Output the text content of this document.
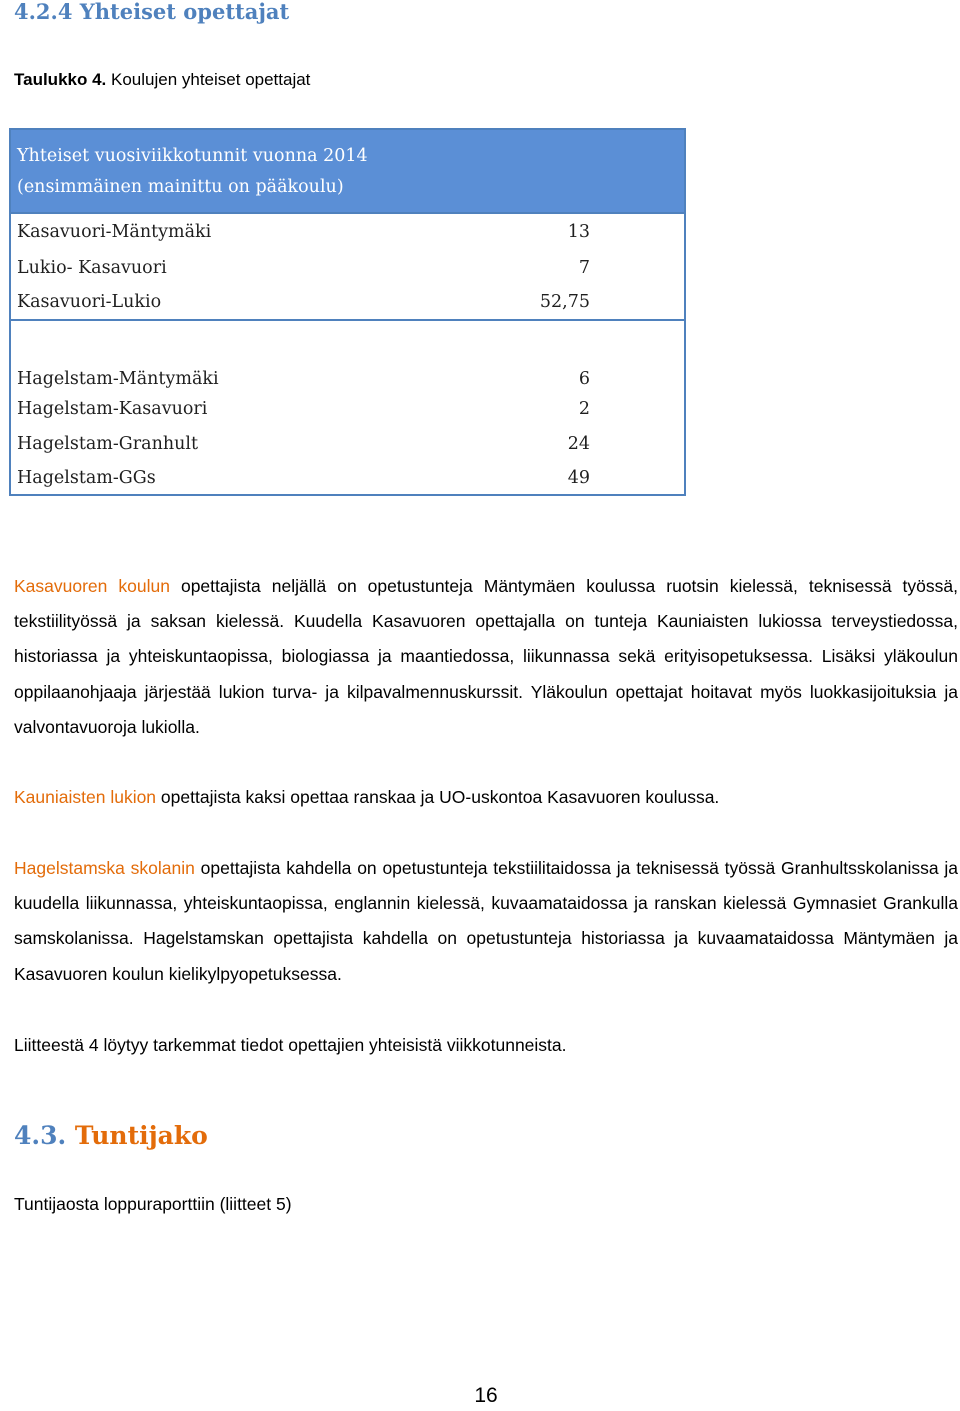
4.2.4 Yhteiset opettajat
Taulukko 4. Koulujen yhteiset opettajat
Yhteiset vuosiviikkotunnit vuonna 2014
(ensimmäinen mainittu on pääkoulu)	

Kasavuori-Mäntymäki	13
Lukio- Kasavuori	7
Kasavuori-Lukio	52,75
Hagelstam-Mäntymäki	6
Hagelstam-Kasavuori	2
Hagelstam-Granhult	24
Hagelstam-GGs	49

Kasavuoren koulun opettajista neljällä on opetustunteja Mäntymäen koulussa ruotsin kielessä, teknisessä työssä, tekstiilityössä ja saksan kielessä. Kuudella Kasavuoren opettajalla on tunteja Kauniaisten lukiossa terveystiedossa, historiassa ja yhteiskuntaopissa, biologiassa ja maantiedossa, liikunnassa sekä erityisopetuksessa. Lisäksi yläkoulun oppilaanohjaaja järjestää lukion turva- ja kilpavalmennuskurssit. Yläkoulun opettajat hoitavat myös luokkasijoituksia ja valvontavuoroja lukiolla.

Kauniaisten lukion opettajista kaksi opettaa ranskaa ja UO-uskontoa Kasavuoren koulussa.

Hagelstamska skolanin opettajista kahdella on opetustunteja tekstiilitaidossa ja teknisessä työssä Granhultsskolanissa ja kuudella liikunnassa, yhteiskuntaopissa, englannin kielessä, kuvaamataidossa ja ranskan kielessä Gymnasiet Grankulla samskolanissa. Hagelstamskan opettajista kahdella on opetustunteja historiassa ja kuvaamataidossa Mäntymäen ja Kasavuoren koulun kielikylpyopetuksessa.

Liitteestä 4 löytyy tarkemmat tiedot opettajien yhteisistä viikkotunneista.

4.3. Tuntijako

Tuntijaosta loppuraporttiin (liitteet 5)

16
